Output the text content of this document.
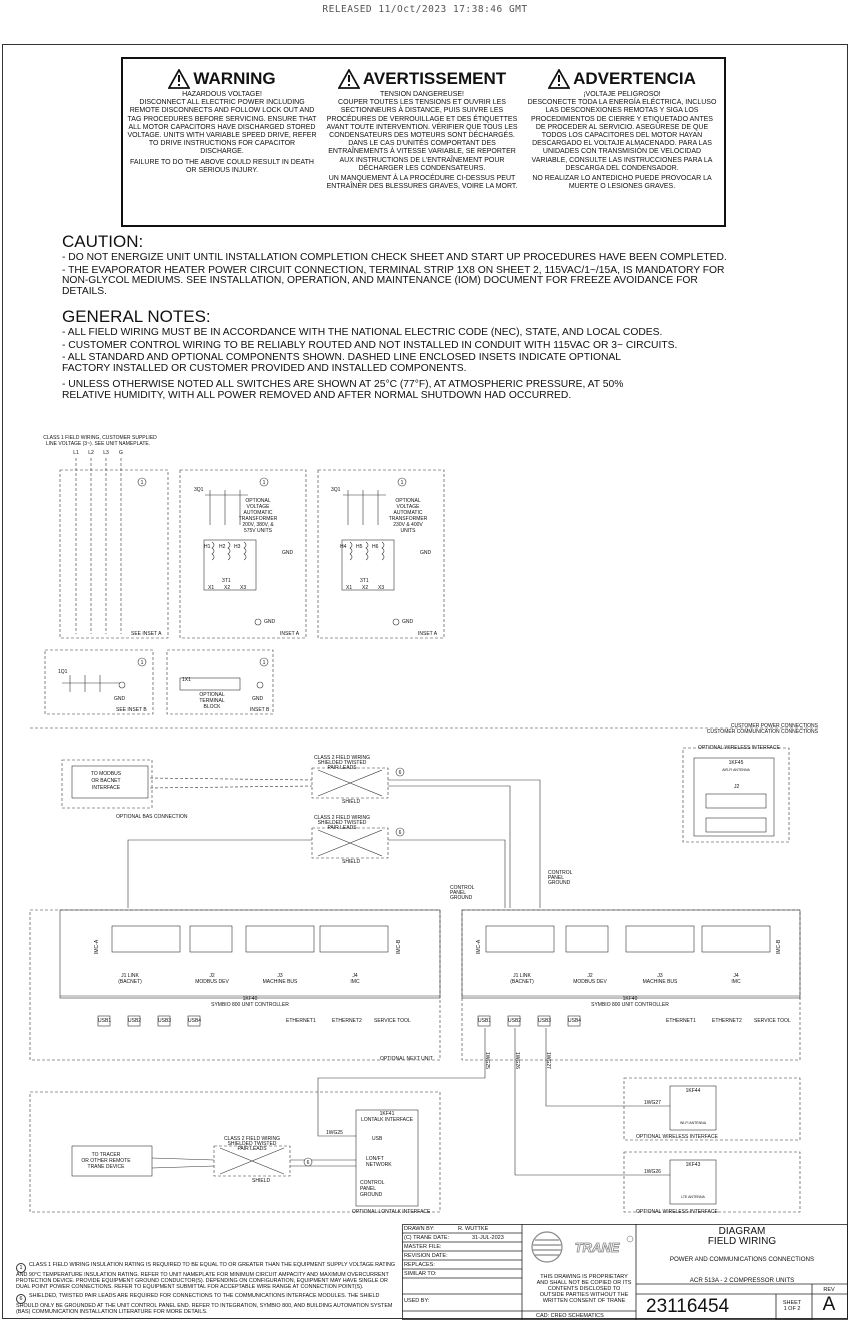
RELEASED 11/Oct/2023 17:38:46 GMT
WARNING
HAZARDOUS VOLTAGE!

DISCONNECT ALL ELECTRIC POWER INCLUDING REMOTE DISCONNECTS AND FOLLOW LOCK OUT AND TAG PROCEDURES BEFORE SERVICING. ENSURE THAT ALL MOTOR CAPACITORS HAVE DISCHARGED STORED VOLTAGE. UNITS WITH VARIABLE SPEED DRIVE, REFER TO DRIVE INSTRUCTIONS FOR CAPACITOR DISCHARGE.

FAILURE TO DO THE ABOVE COULD RESULT IN DEATH OR SERIOUS INJURY.

AVERTISSEMENT
TENSION DANGEREUSE!

COUPER TOUTES LES TENSIONS ET OUVRIR LES SECTIONNEURS À DISTANCE, PUIS SUIVRE LES PROCÉDURES DE VERROUILLAGE ET DES ÉTIQUETTES AVANT TOUTE INTERVENTION. VÉRIFIER QUE TOUS LES CONDENSATEURS DES MOTEURS SONT DÉCHARGÉS. DANS LE CAS D'UNITÉS COMPORTANT DES ENTRAÎNEMENTS À VITESSE VARIABLE, SE REPORTER AUX INSTRUCTIONS DE L'ENTRAÎNEMENT POUR DÉCHARGER LES CONDENSATEURS.

UN MANQUEMENT À LA PROCÉDURE CI-DESSUS PEUT ENTRAÎNER DES BLESSURES GRAVES, VOIRE LA MORT.

ADVERTENCIA
¡VOLTAJE PELIGROSO!

DESCONECTE TODA LA ENERGÍA ELÉCTRICA, INCLUSO LAS DESCONEXIONES REMOTAS Y SIGA LOS PROCEDIMIENTOS DE CIERRE Y ETIQUETADO ANTES DE PROCEDER AL SERVICIO. ASEGÚRESE DE QUE TODOS LOS CAPACITORES DEL MOTOR HAYAN DESCARGADO EL VOLTAJE ALMACENADO. PARA LAS UNIDADES CON TRANSMISIÓN DE VELOCIDAD VARIABLE, CONSULTE LAS INSTRUCCIONES PARA LA DESCARGA DEL CONDENSADOR.

NO REALIZAR LO ANTEDICHO PUEDE PROVOCAR LA MUERTE O LESIONES GRAVES.

CAUTION:

- DO NOT ENERGIZE UNIT UNTIL INSTALLATION COMPLETION CHECK SHEET AND START UP PROCEDURES HAVE BEEN COMPLETED.

- THE EVAPORATOR HEATER POWER CIRCUIT CONNECTION, TERMINAL STRIP 1X8 ON SHEET 2, 115VAC/1~/15A, IS MANDATORY FOR
NON-GLYCOL MEDIUMS. SEE INSTALLATION, OPERATION, AND MAINTENANCE (IOM) DOCUMENT FOR FREEZE AVOIDANCE FOR
DETAILS.

GENERAL NOTES:

- ALL FIELD WIRING MUST BE IN ACCORDANCE WITH THE NATIONAL ELECTRIC CODE (NEC), STATE, AND LOCAL CODES.

- CUSTOMER CONTROL WIRING TO BE RELIABLY ROUTED AND NOT INSTALLED IN CONDUIT WITH 115VAC OR 3~ CIRCUITS.

- ALL STANDARD AND OPTIONAL COMPONENTS SHOWN. DASHED LINE ENCLOSED INSETS INDICATE OPTIONAL
FACTORY INSTALLED OR CUSTOMER PROVIDED AND INSTALLED COMPONENTS.

- UNLESS OTHERWISE NOTED ALL SWITCHES ARE SHOWN AT 25°C (77°F), AT ATMOSPHERIC PRESSURE, AT 50%
RELATIVE HUMIDITY, WITH ALL POWER REMOVED AND AFTER NORMAL SHUTDOWN HAD OCCURRED.

CLASS 1 FIELD WIRING, CUSTOMER SUPPLIED
LINE VOLTAGE (3~). SEE UNIT NAMEPLATE.
L1 L2 L3 G
SEE INSET A	INSET A	INSET A
SEE INSET B	INSET B
3Q1	3Q1
1Q1
OPTIONAL
VOLTAGE
AUTOMATIC
TRANSFORMER
200V, 380V, &
575V UNITS
OPTIONAL
VOLTAGE
AUTOMATIC
TRANSFORMER
230V & 400V
UNITS
H1 H2 H3	H4 H5 H6
3T1	3T1
X1 X2 X3	X1 X2 X3
GND	GND
GND	GND
GND	GND
1X1
OPTIONAL
TERMINAL
BLOCK
CUSTOMER POWER CONNECTIONS
CUSTOMER COMMUNICATION CONNECTIONS
TO MODBUS
OR BACNET
INTERFACE
OPTIONAL BAS CONNECTION
CLASS 2 FIELD WIRING
SHIELDED TWISTED
PAIR LEADS
SHIELD
CLASS 2 FIELD WIRING
SHIELDED TWISTED
PAIR LEADS
SHIELD
OPTIONAL WIRELESS INTERFACE
1KF45
AIR-FI ANTENNA
J2
CONTROL
PANEL
GROUND
CONTROL
PANEL
GROUND
OPTIONAL NEXT UNIT
1KF40
SYMBIO 800 UNIT CONTROLLER
1KF40
SYMBIO 800 UNIT CONTROLLER
J1 LINK
(BACNET)
J2
MODBUS DEV
J3
MACHINE BUS
J4
IMC
J1 LINK
(BACNET)
J2
MODBUS DEV
J3
MACHINE BUS
J4
IMC
USB1	USB2	USB3	USB4	ETHERNET1	ETHERNET2 SERVICE TOOL	USB1	USB2	USB3	USB4	ETHERNET1	ETHERNET2 SERVICE TOOL
IMC-A	IMC-B	IMC-A	IMC-B
1WG25	1WG26	1WG27
1WG27
1WG26
1WG25
1KF44
WI-FI ANTENNA
1KF43
LTE ANTENNA
OPTIONAL WIRELESS INTERFACE
OPTIONAL WIRELESS INTERFACE
1KF41
LONTALK INTERFACE
USB
LON/FT
NETWORK
TO TRACER
OR OTHER REMOTE
TRANE DEVICE
CLASS 2 FIELD WIRING
SHIELDED TWISTED
PAIR LEADS
SHIELD	CONTROL
PANEL
GROUND
OPTIONAL LONTALK INTERFACE
1	1	1
1	1
6
6
6
DRAWN BY:	R. WUTTKE
(C) TRANE DATE:	31-JUL-2023
MASTER FILE:
REVISION DATE:
REPLACES:
SIMILAR TO:
USED BY:
TRANE
THIS DRAWING IS PROPRIETARY AND SHALL NOT BE COPIED OR ITS CONTENTS DISCLOSED TO OUTSIDE PARTIES WITHOUT THE WRITTEN CONSENT OF TRANE
CAD: CREO SCHEMATICS
DIAGRAM
FIELD WIRING
POWER AND COMMUNICATIONS CONNECTIONS
ACR 513A - 2 COMPRESSOR UNITS
23116454	SHEET
1 OF 2
REV
A
1 CLASS 1 FIELD WIRING INSULATION RATING IS REQUIRED TO BE EQUAL TO OR GREATER THAN THE EQUIPMENT SUPPLY VOLTAGE RATING AND 90°C TEMPERATURE INSULATION RATING. REFER TO UNIT NAMEPLATE FOR MINIMUM CIRCUIT AMPACITY AND MAXIMUM OVERCURRENT PROTECTION DEVICE. PROVIDE EQUIPMENT GROUND CONDUCTOR(S). DEPENDING ON CONFIGURATION, EQUIPMENT MAY HAVE SINGLE OR DUAL POINT POWER CONNECTIONS. REFER TO EQUIPMENT SUBMITTAL FOR ACCEPTABLE WIRE RANGE AT CONNECTION POINT(S).
6 SHIELDED, TWISTED PAIR LEADS ARE REQUIRED FOR CONNECTIONS TO THE COMMUNICATIONS INTERFACE MODULES. THE SHIELD SHOULD ONLY BE GROUNDED AT THE UNIT CONTROL PANEL END. REFER TO INTEGRATION, SYMBIO 800, AND BUILDING AUTOMATION SYSTEM (BAS) COMMUNICATION INSTALLATION LITERATURE FOR MORE DETAILS.
